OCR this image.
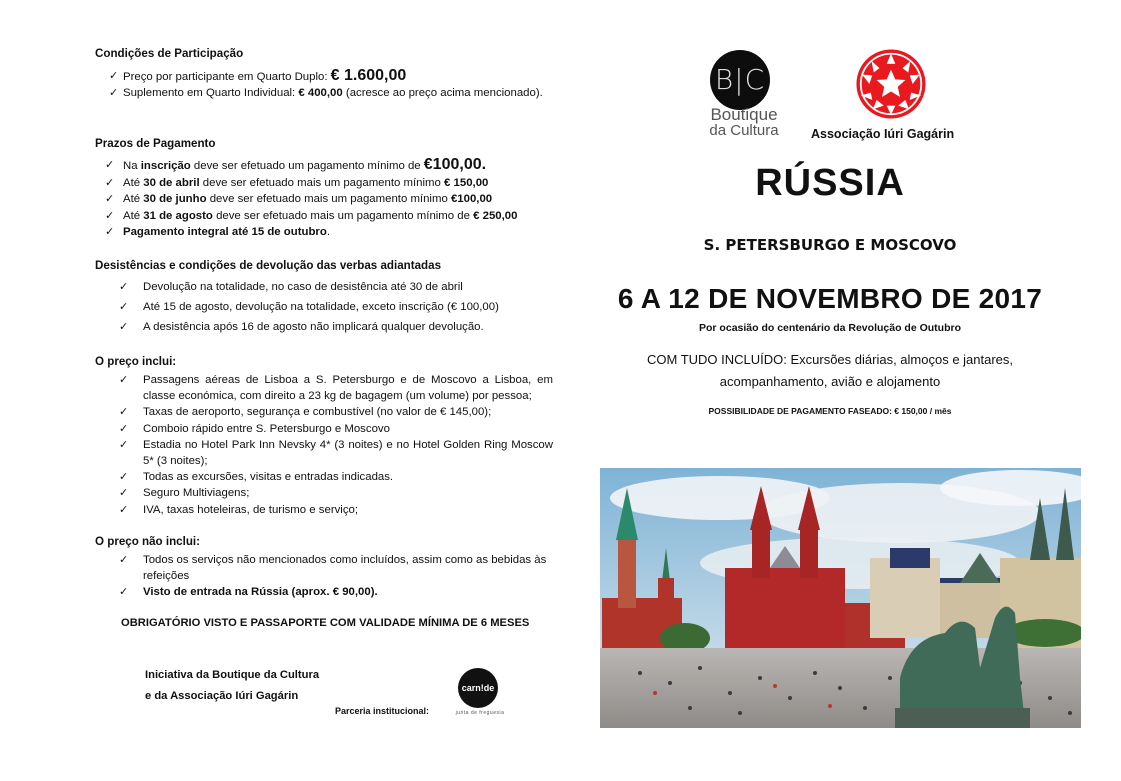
Condições de Participação
✓ Preço por participante em Quarto Duplo: € 1.600,00
✓ Suplemento em Quarto Individual: € 400,00 (acresce ao preço acima mencionado).
Prazos de Pagamento
✓ Na inscrição deve ser efetuado um pagamento mínimo de €100,00.
✓ Até 30 de abril deve ser efetuado mais um pagamento mínimo € 150,00
✓ Até 30 de junho deve ser efetuado mais um pagamento mínimo €100,00
✓ Até 31 de agosto deve ser efetuado mais um pagamento mínimo de € 250,00
✓ Pagamento integral até 15 de outubro.
Desistências e condições de devolução das verbas adiantadas
✓ Devolução na totalidade, no caso de desistência até 30 de abril
✓ Até 15 de agosto, devolução na totalidade, exceto inscrição (€ 100,00)
✓ A desistência após 16 de agosto não implicará qualquer devolução.
O preço inclui:
✓ Passagens aéreas de Lisboa a S. Petersburgo e de Moscovo a Lisboa, em classe económica, com direito a 23 kg de bagagem (um volume) por pessoa;
✓ Taxas de aeroporto, segurança e combustível (no valor de € 145,00);
✓ Comboio rápido entre S. Petersburgo e Moscovo
✓ Estadia no Hotel Park Inn Nevsky 4* (3 noites) e no Hotel Golden Ring Moscow 5* (3 noites);
✓ Todas as excursões, visitas e entradas indicadas.
✓ Seguro Multiviagens;
✓ IVA, taxas hoteleiras, de turismo e serviço;
O preço não inclui:
✓ Todos os serviços não mencionados como incluídos, assim como as bebidas às refeições
✓ Visto de entrada na Rússia (aprox. € 90,00).
OBRIGATÓRIO VISTO E PASSAPORTE COM VALIDADE MÍNIMA DE 6 MESES
Iniciativa da Boutique da Cultura
e da Associação Iúri Gagárin
Parceria institucional:
carn!de
junta de freguesia
B|C
Boutique
da Cultura	Associação Iúri Gagárin
RÚSSIA
S. PETERSBURGO E MOSCOVO
6 A 12 DE NOVEMBRO DE 2017
Por ocasião do centenário da Revolução de Outubro
COM TUDO INCLUÍDO: Excursões diárias, almoços e jantares, acompanhamento, avião e alojamento
POSSIBILIDADE DE PAGAMENTO FASEADO: € 150,00 / mês
